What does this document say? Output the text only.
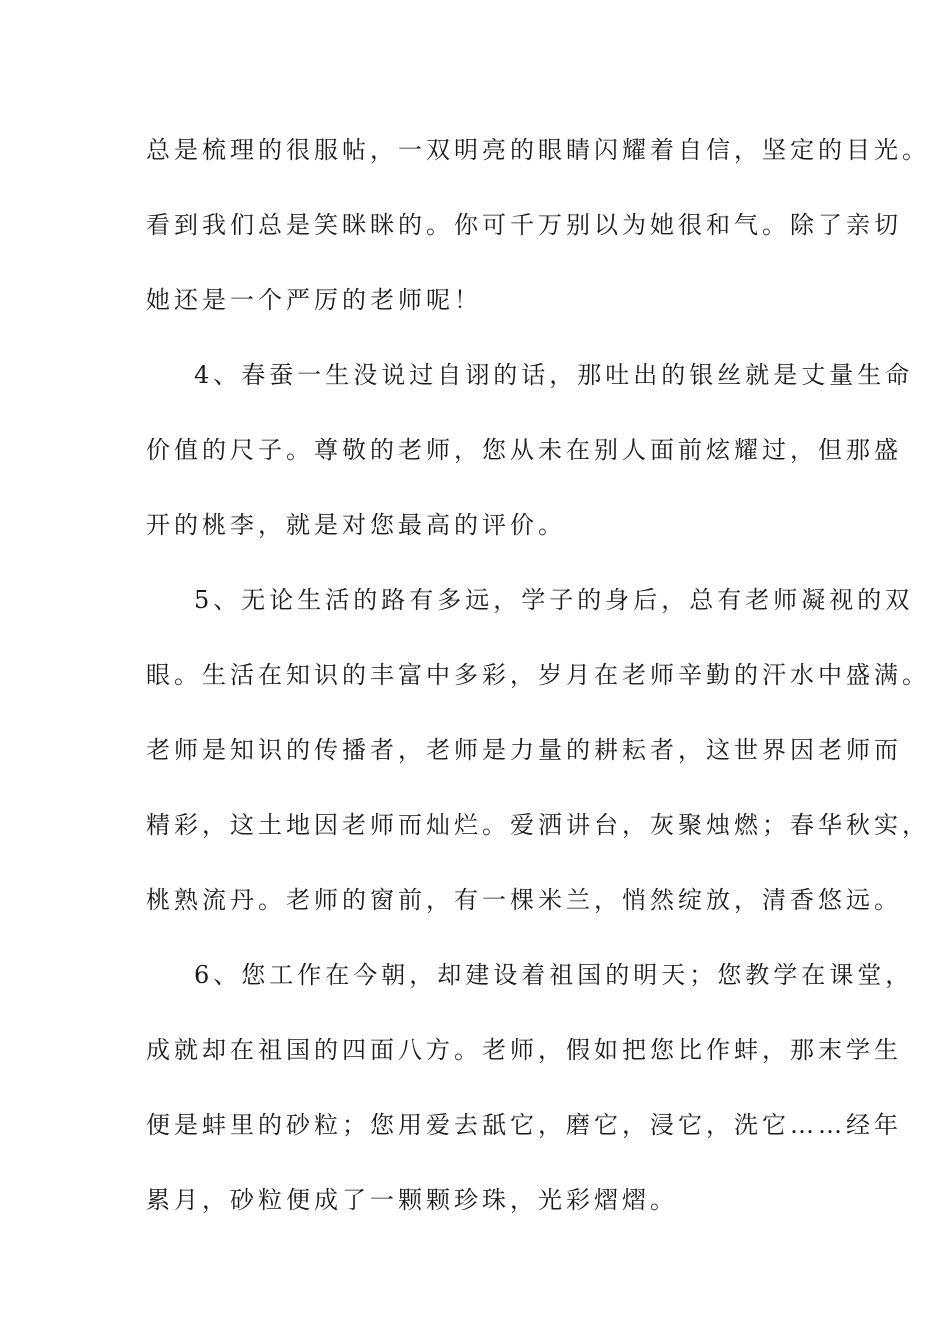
总是梳理的很服帖，一双明亮的眼睛闪耀着自信，坚定的目光。
看到我们总是笑眯眯的。你可千万别以为她很和气。除了亲切
她还是一个严厉的老师呢！
4、春蚕一生没说过自诩的话，那吐出的银丝就是丈量生命
价值的尺子。尊敬的老师，您从未在别人面前炫耀过，但那盛
开的桃李，就是对您最高的评价。
5、无论生活的路有多远，学子的身后，总有老师凝视的双
眼。生活在知识的丰富中多彩，岁月在老师辛勤的汗水中盛满。
老师是知识的传播者，老师是力量的耕耘者，这世界因老师而
精彩，这土地因老师而灿烂。爱洒讲台，灰聚烛燃；春华秋实，
桃熟流丹。老师的窗前，有一棵米兰，悄然绽放，清香悠远。
6、您工作在今朝，却建设着祖国的明天；您教学在课堂，
成就却在祖国的四面八方。老师，假如把您比作蚌，那末学生
便是蚌里的砂粒；您用爱去舐它，磨它，浸它，洗它……经年
累月，砂粒便成了一颗颗珍珠，光彩熠熠。
